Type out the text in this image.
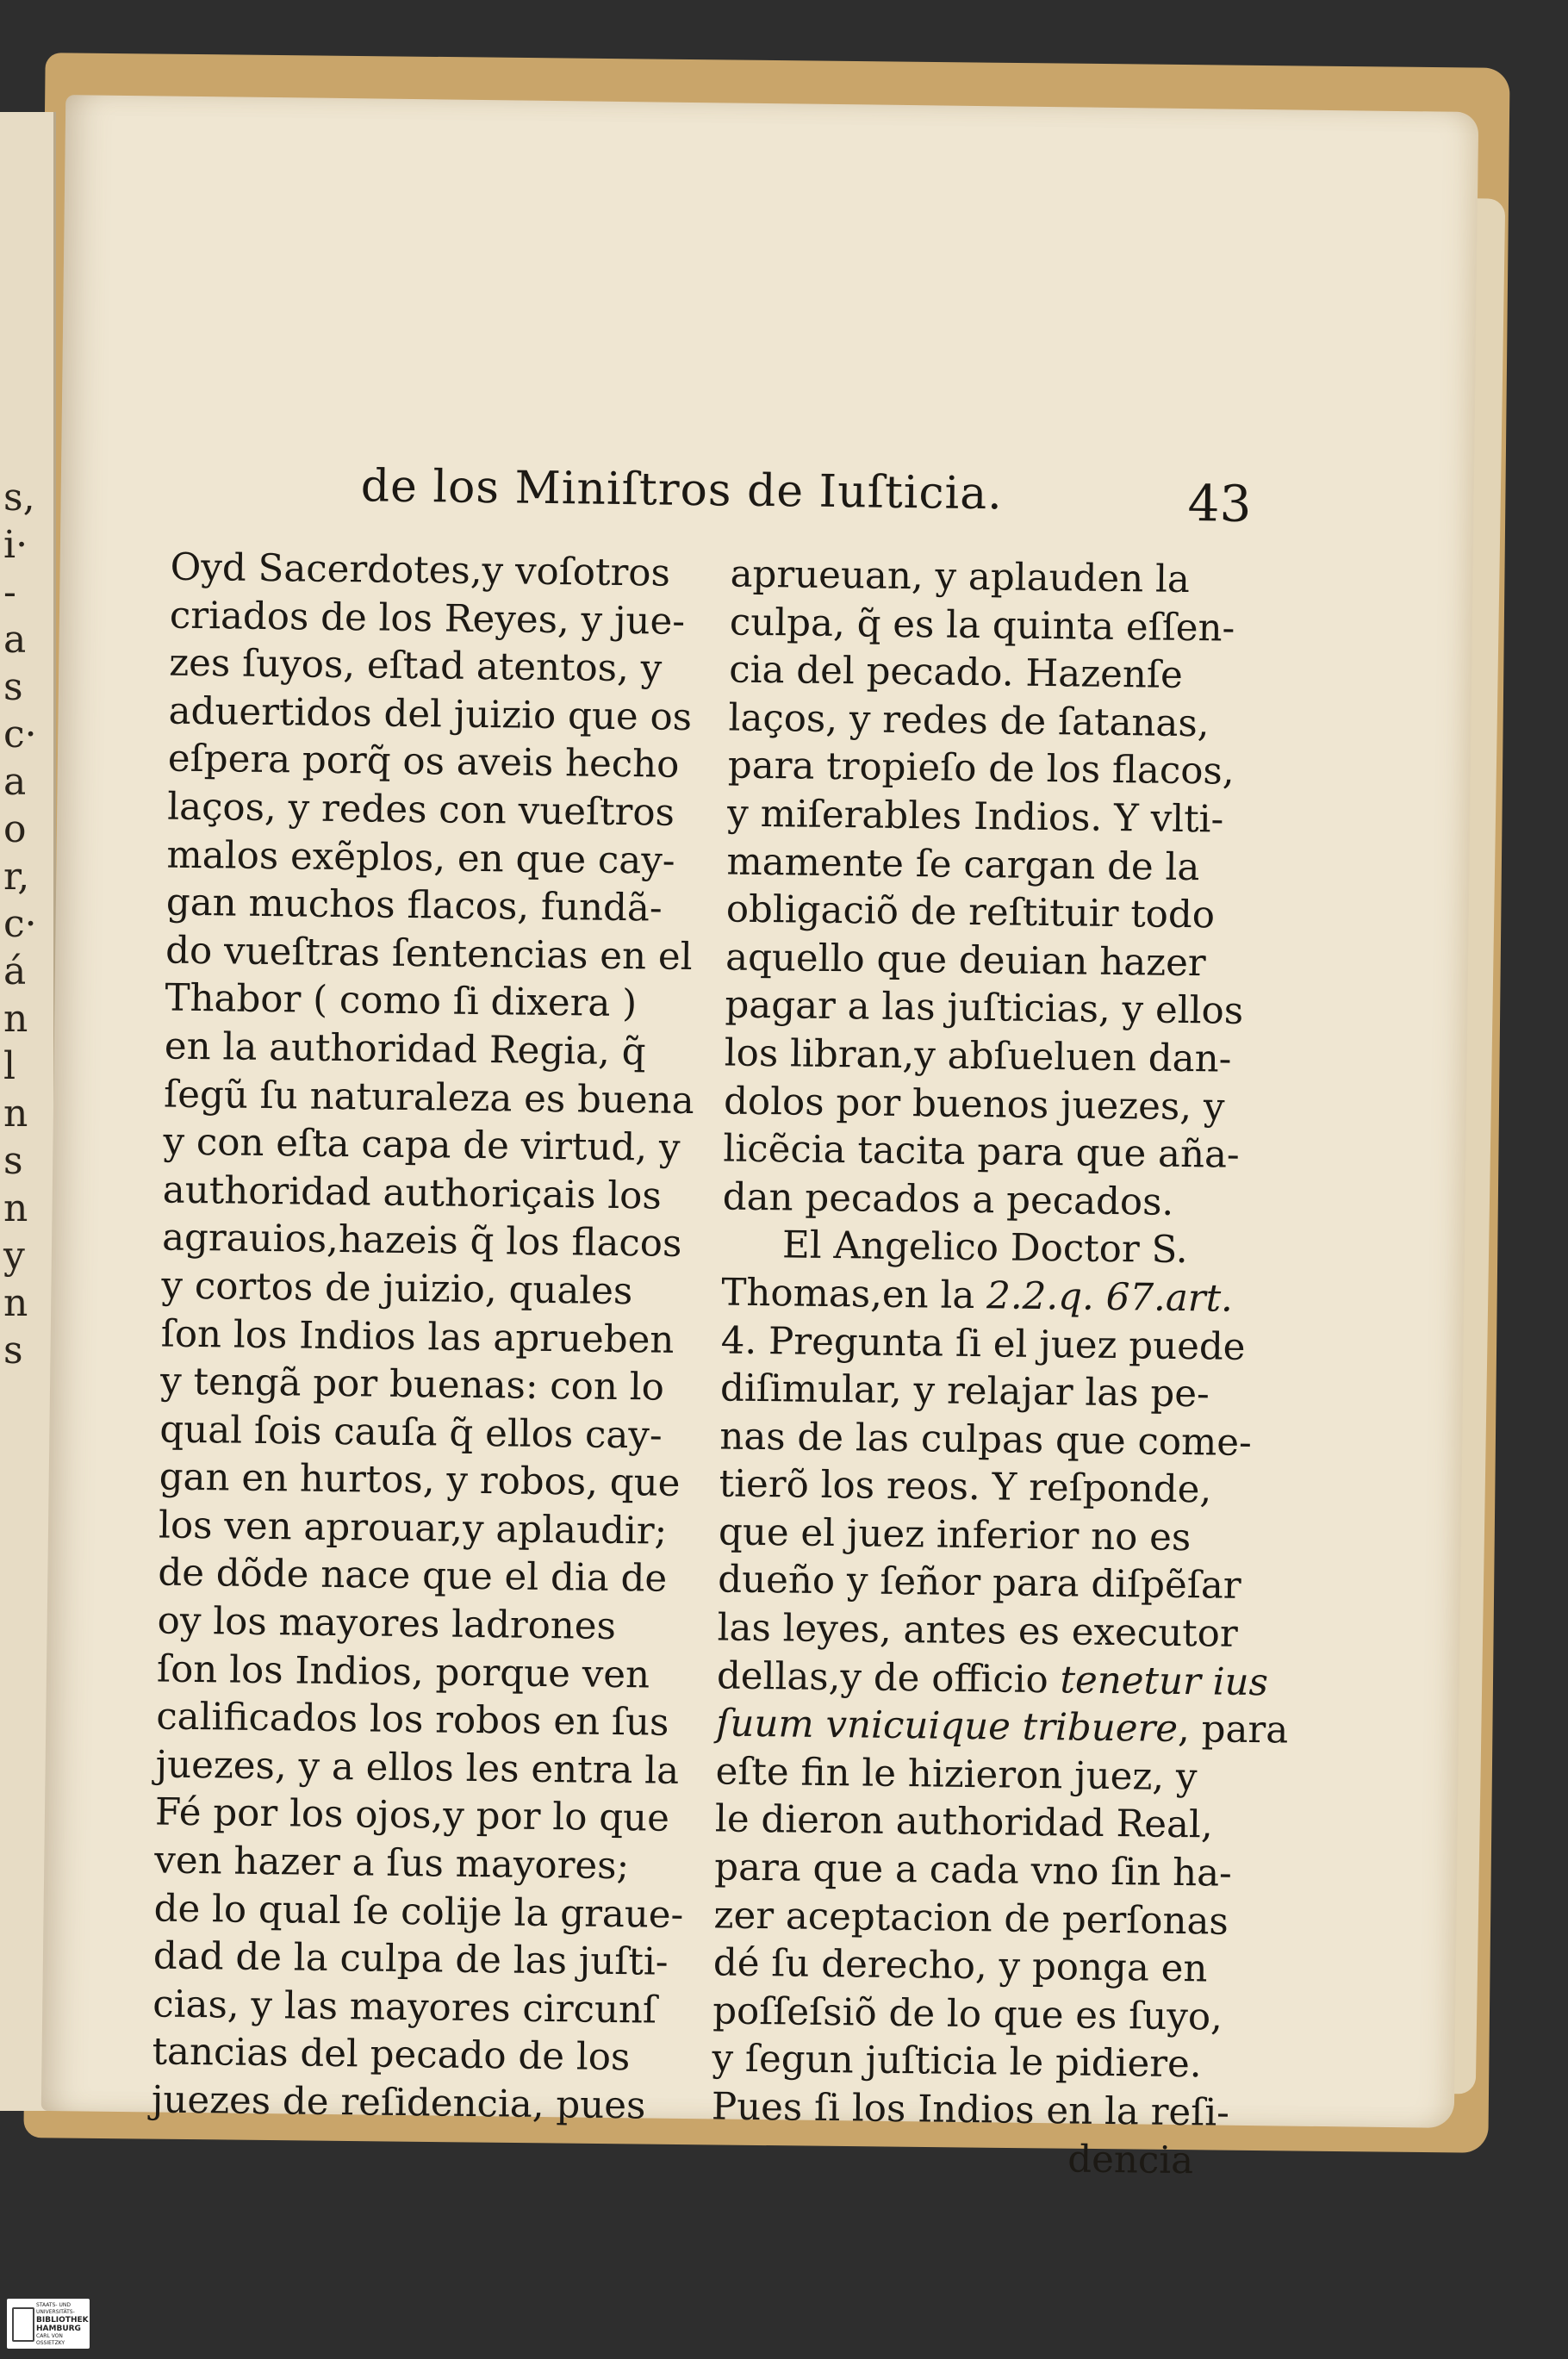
s,
i·
-
a
s
c·
a
o
r,
c·
á
n
l
n
s
n
y
n
s
de los Miniſtros de Iuſticia.	43
Oyd Sacerdotes,y voſotros
criados de los Reyes, y jue-
zes ſuyos, eſtad atentos, y
aduertidos del juizio que os
eſpera porq̃ os aveis hecho
laços, y redes con vueſtros
malos exẽplos, en que cay-
gan muchos flacos, fundã-
do vueſtras ſentencias en el
Thabor ( como ſi dixera )
en la authoridad Regia, q̃
ſegũ ſu naturaleza es buena
y con eſta capa de virtud, y
authoridad authoriçais los
agrauios,hazeis q̃ los flacos
y cortos de juizio, quales
ſon los Indios las aprueben
y tengã por buenas: con lo
qual ſois cauſa q̃ ellos cay-
gan en hurtos, y robos, que
los ven aprouar,y aplaudir;
de dõde nace que el dia de
oy los mayores ladrones
ſon los Indios, porque ven
calificados los robos en ſus
juezes, y a ellos les entra la
Fé por los ojos,y por lo que
ven hazer a ſus mayores;
de lo qual ſe colije la graue-
dad de la culpa de las juſti-
cias, y las mayores circunſ
tancias del pecado de los
juezes de reſidencia, pues
aprueuan, y aplauden la
culpa, q̃ es la quinta eſſen-
cia del pecado. Hazenſe
laços, y redes de ſatanas,
para tropieſo de los flacos,
y miſerables Indios. Y vlti-
mamente ſe cargan de la
obligaciõ de reſtituir todo
aquello que deuian hazer
pagar a las juſticias, y ellos
los libran,y abſueluen dan-
dolos por buenos juezes, y
licẽcia tacita para que aña-
dan pecados a pecados.
El Angelico Doctor S.
Thomas,en la 2.2.q. 67.art.
4. Pregunta ſi el juez puede
diſimular, y relajar las pe-
nas de las culpas que come-
tierõ los reos. Y reſponde,
que el juez inferior no es
dueño y ſeñor para diſpẽſar
las leyes, antes es executor
dellas,y de officio tenetur ius
ſuum vnicuique tribuere, para
eſte fin le hizieron juez, y
le dieron authoridad Real,
para que a cada vno ſin ha-
zer aceptacion de perſonas
dé ſu derecho, y ponga en
poſſeſsiõ de lo que es ſuyo,
y ſegun juſticia le pidiere.
Pues ſi los Indios en la reſi-
dencia
STAATS- UND UNIVERSITÄTS-
BIBLIOTHEK
HAMBURG
CARL VON OSSIETZKY
